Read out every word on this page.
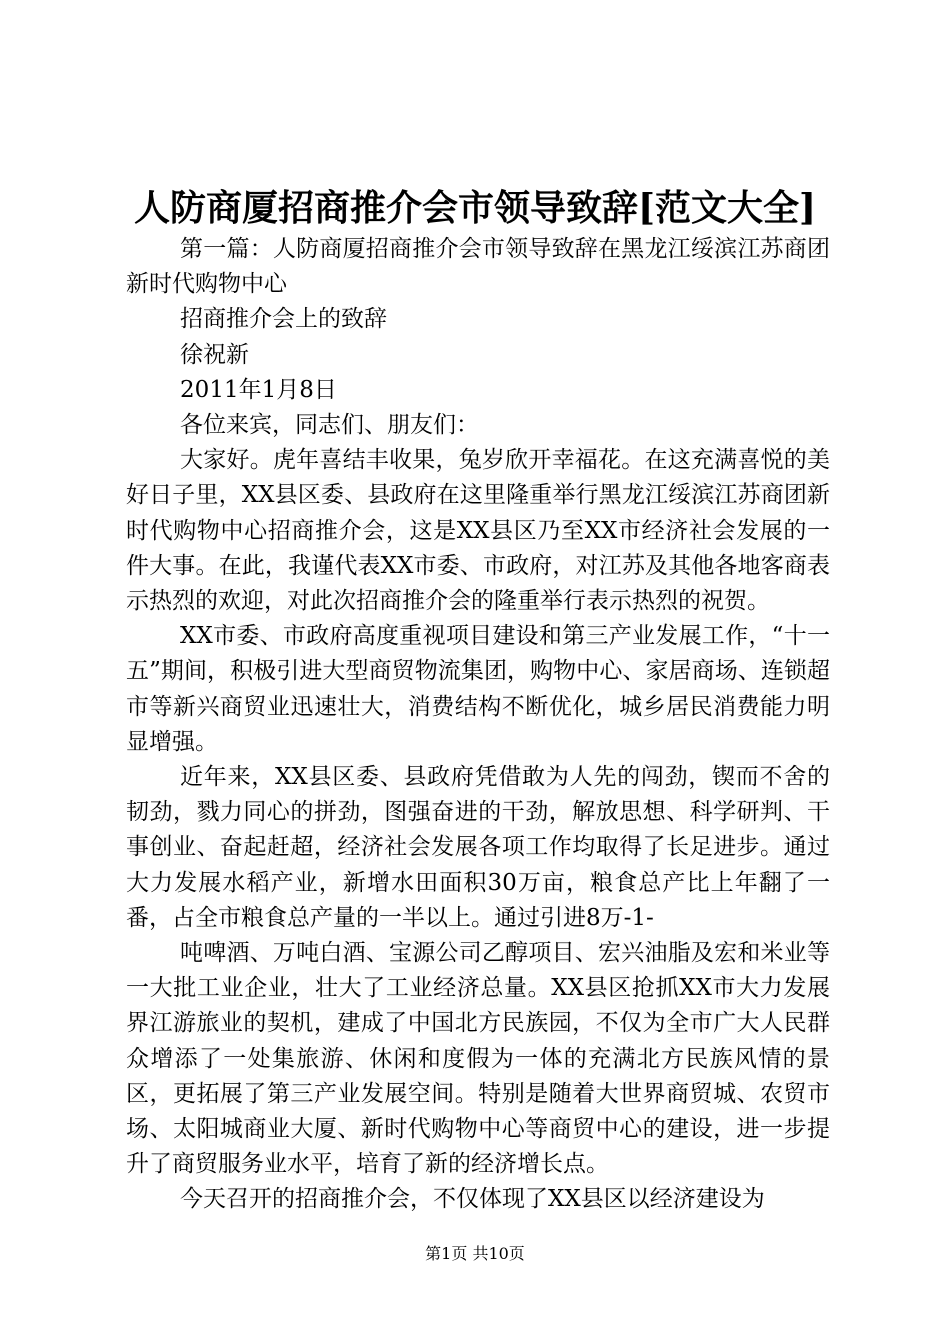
人防商厦招商推介会市领导致辞[范文大全]

第一篇：人防商厦招商推介会市领导致辞在黑龙江绥滨江苏商团新时代购物中心

招商推介会上的致辞

徐祝新

2011年1月8日

各位来宾，同志们、朋友们：

大家好。虎年喜结丰收果，兔岁欣开幸福花。在这充满喜悦的美好日子里，XX县区委、县政府在这里隆重举行黑龙江绥滨江苏商团新时代购物中心招商推介会，这是XX县区乃至XX市经济社会发展的一件大事。在此，我谨代表XX市委、市政府，对江苏及其他各地客商表示热烈的欢迎，对此次招商推介会的隆重举行表示热烈的祝贺。

XX市委、市政府高度重视项目建设和第三产业发展工作，“十一五”期间，积极引进大型商贸物流集团，购物中心、家居商场、连锁超市等新兴商贸业迅速壮大，消费结构不断优化，城乡居民消费能力明显增强。

近年来，XX县区委、县政府凭借敢为人先的闯劲，锲而不舍的韧劲，戮力同心的拼劲，图强奋进的干劲，解放思想、科学研判、干事创业、奋起赶超，经济社会发展各项工作均取得了长足进步。通过大力发展水稻产业，新增水田面积30万亩，粮食总产比上年翻了一番，占全市粮食总产量的一半以上。通过引进8万-1-

吨啤酒、万吨白酒、宝源公司乙醇项目、宏兴油脂及宏和米业等一大批工业企业，壮大了工业经济总量。XX县区抢抓XX市大力发展界江游旅业的契机，建成了中国北方民族园，不仅为全市广大人民群众增添了一处集旅游、休闲和度假为一体的充满北方民族风情的景区，更拓展了第三产业发展空间。特别是随着大世界商贸城、农贸市场、太阳城商业大厦、新时代购物中心等商贸中心的建设，进一步提升了商贸服务业水平，培育了新的经济增长点。

今天召开的招商推介会，不仅体现了XX县区以经济建设为

第1页 共10页
